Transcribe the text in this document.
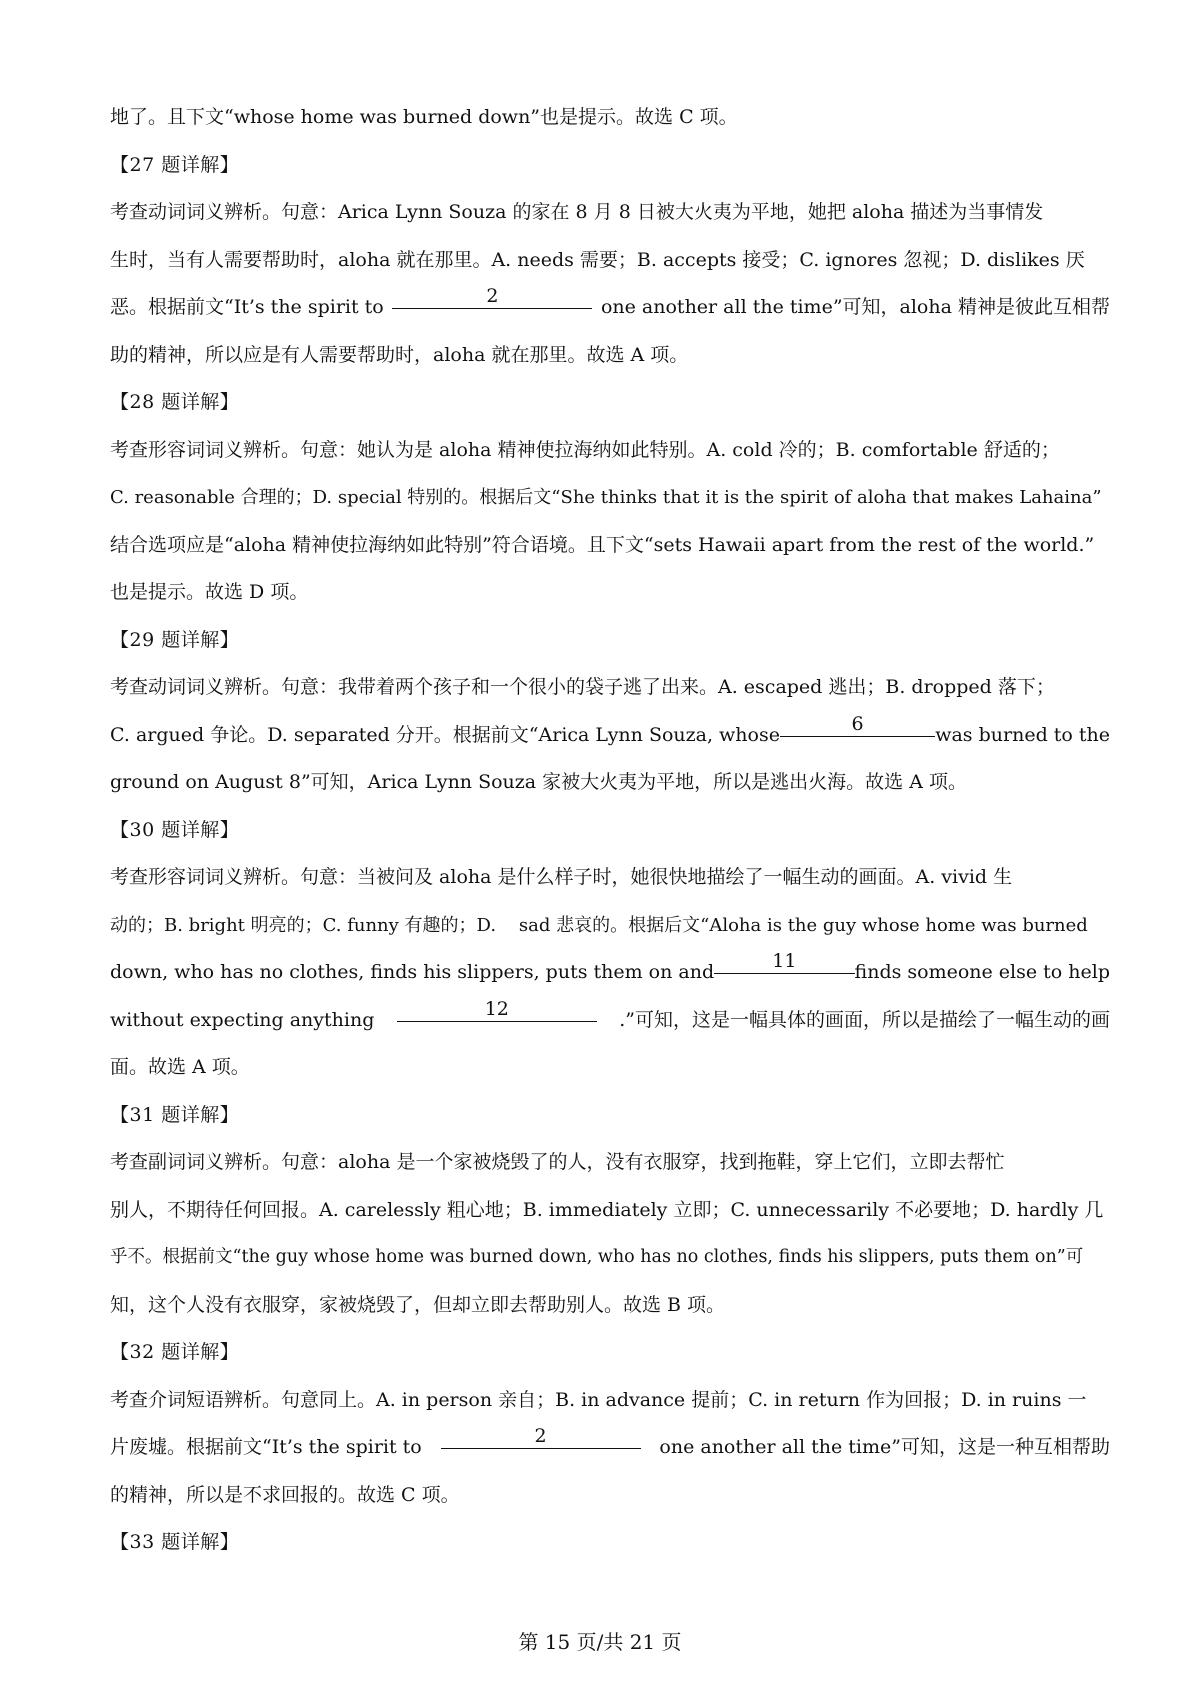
地了。且下文“whose home was burned down”也是提示。故选 C 项。
【27 题详解】
考查动词词义辨析。句意：Arica Lynn Souza 的家在 8 月 8 日被大火夷为平地，她把 aloha 描述为当事情发
生时，当有人需要帮助时，aloha 就在那里。A. needs 需要；B. accepts 接受；C. ignores 忽视；D. dislikes 厌
恶。根据前文“It’s the spirit to	2	one another all the time”可知，aloha 精神是彼此互相帮
助的精神，所以应是有人需要帮助时，aloha 就在那里。故选 A 项。
【28 题详解】
考查形容词词义辨析。句意：她认为是 aloha 精神使拉海纳如此特别。A. cold 冷的；B. comfortable 舒适的；
C. reasonable 合理的；D. special 特别的。根据后文“She thinks that it is the spirit of aloha that makes Lahaina”
结合选项应是“aloha 精神使拉海纳如此特别”符合语境。且下文“sets Hawaii apart from the rest of the world.”
也是提示。故选 D 项。
【29 题详解】
考查动词词义辨析。句意：我带着两个孩子和一个很小的袋子逃了出来。A. escaped 逃出；B. dropped 落下；
C. argued 争论。D. separated 分开。根据前文“Arica Lynn Souza, whose	6	was burned to the
ground on August 8”可知，Arica Lynn Souza 家被大火夷为平地，所以是逃出火海。故选 A 项。
【30 题详解】
考查形容词词义辨析。句意：当被问及 aloha 是什么样子时，她很快地描绘了一幅生动的画面。A. vivid 生
动的；B. bright 明亮的；C. funny 有趣的；D.    sad 悲哀的。根据后文“Aloha is the guy whose home was burned
down, who has no clothes, finds his slippers, puts them on and	11	finds someone else to help
without expecting anything	12	.”可知，这是一幅具体的画面，所以是描绘了一幅生动的画
面。故选 A 项。
【31 题详解】
考查副词词义辨析。句意：aloha 是一个家被烧毁了的人，没有衣服穿，找到拖鞋，穿上它们，立即去帮忙
别人，不期待任何回报。A. carelessly 粗心地；B. immediately 立即；C. unnecessarily 不必要地；D. hardly 几
乎不。根据前文“the guy whose home was burned down, who has no clothes, finds his slippers, puts them on”可
知，这个人没有衣服穿，家被烧毁了，但却立即去帮助别人。故选 B 项。
【32 题详解】
考查介词短语辨析。句意同上。A. in person 亲自；B. in advance 提前；C. in return 作为回报；D. in ruins 一
片废墟。根据前文“It’s the spirit to	2	one another all the time”可知，这是一种互相帮助
的精神，所以是不求回报的。故选 C 项。
【33 题详解】
第 15 页/共 21 页
